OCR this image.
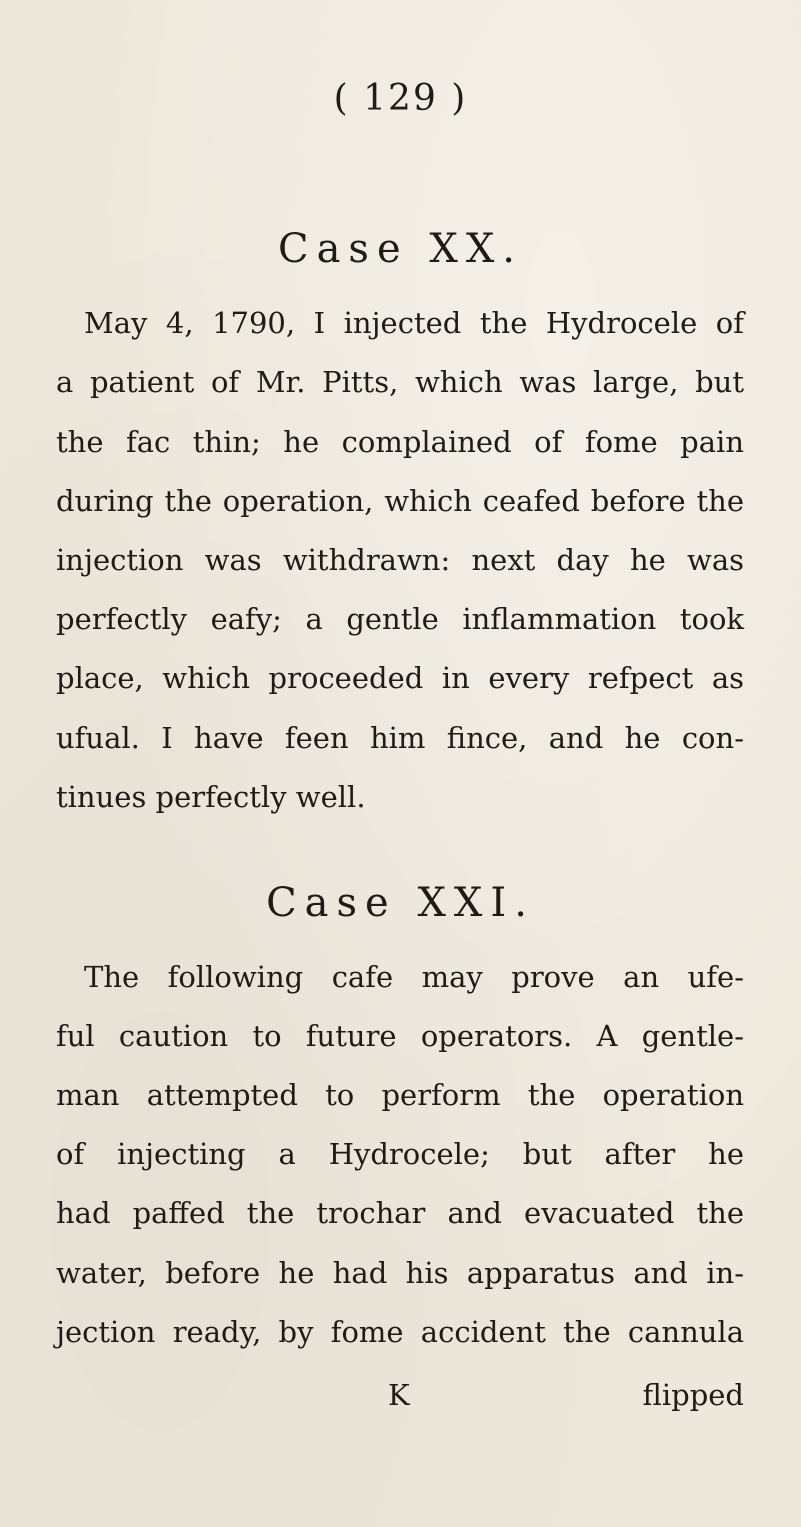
( 129 )
Case XX.
May 4, 1790, I injected the Hydrocele of
a patient of Mr. Pitts, which was large, but
the fac thin; he complained of fome pain
during the operation, which ceafed before the
injection was withdrawn: next day he was
perfectly eafy; a gentle inflammation took
place, which proceeded in every refpect as
ufual. I have feen him fince, and he con-
tinues perfectly well.
Case XXI.
The following cafe may prove an ufe-
ful caution to future operators. A gentle-
man attempted to perform the operation
of injecting a Hydrocele; but after he
had paffed the trochar and evacuated the
water, before he had his apparatus and in-
jection ready, by fome accident the cannula
K	flipped
